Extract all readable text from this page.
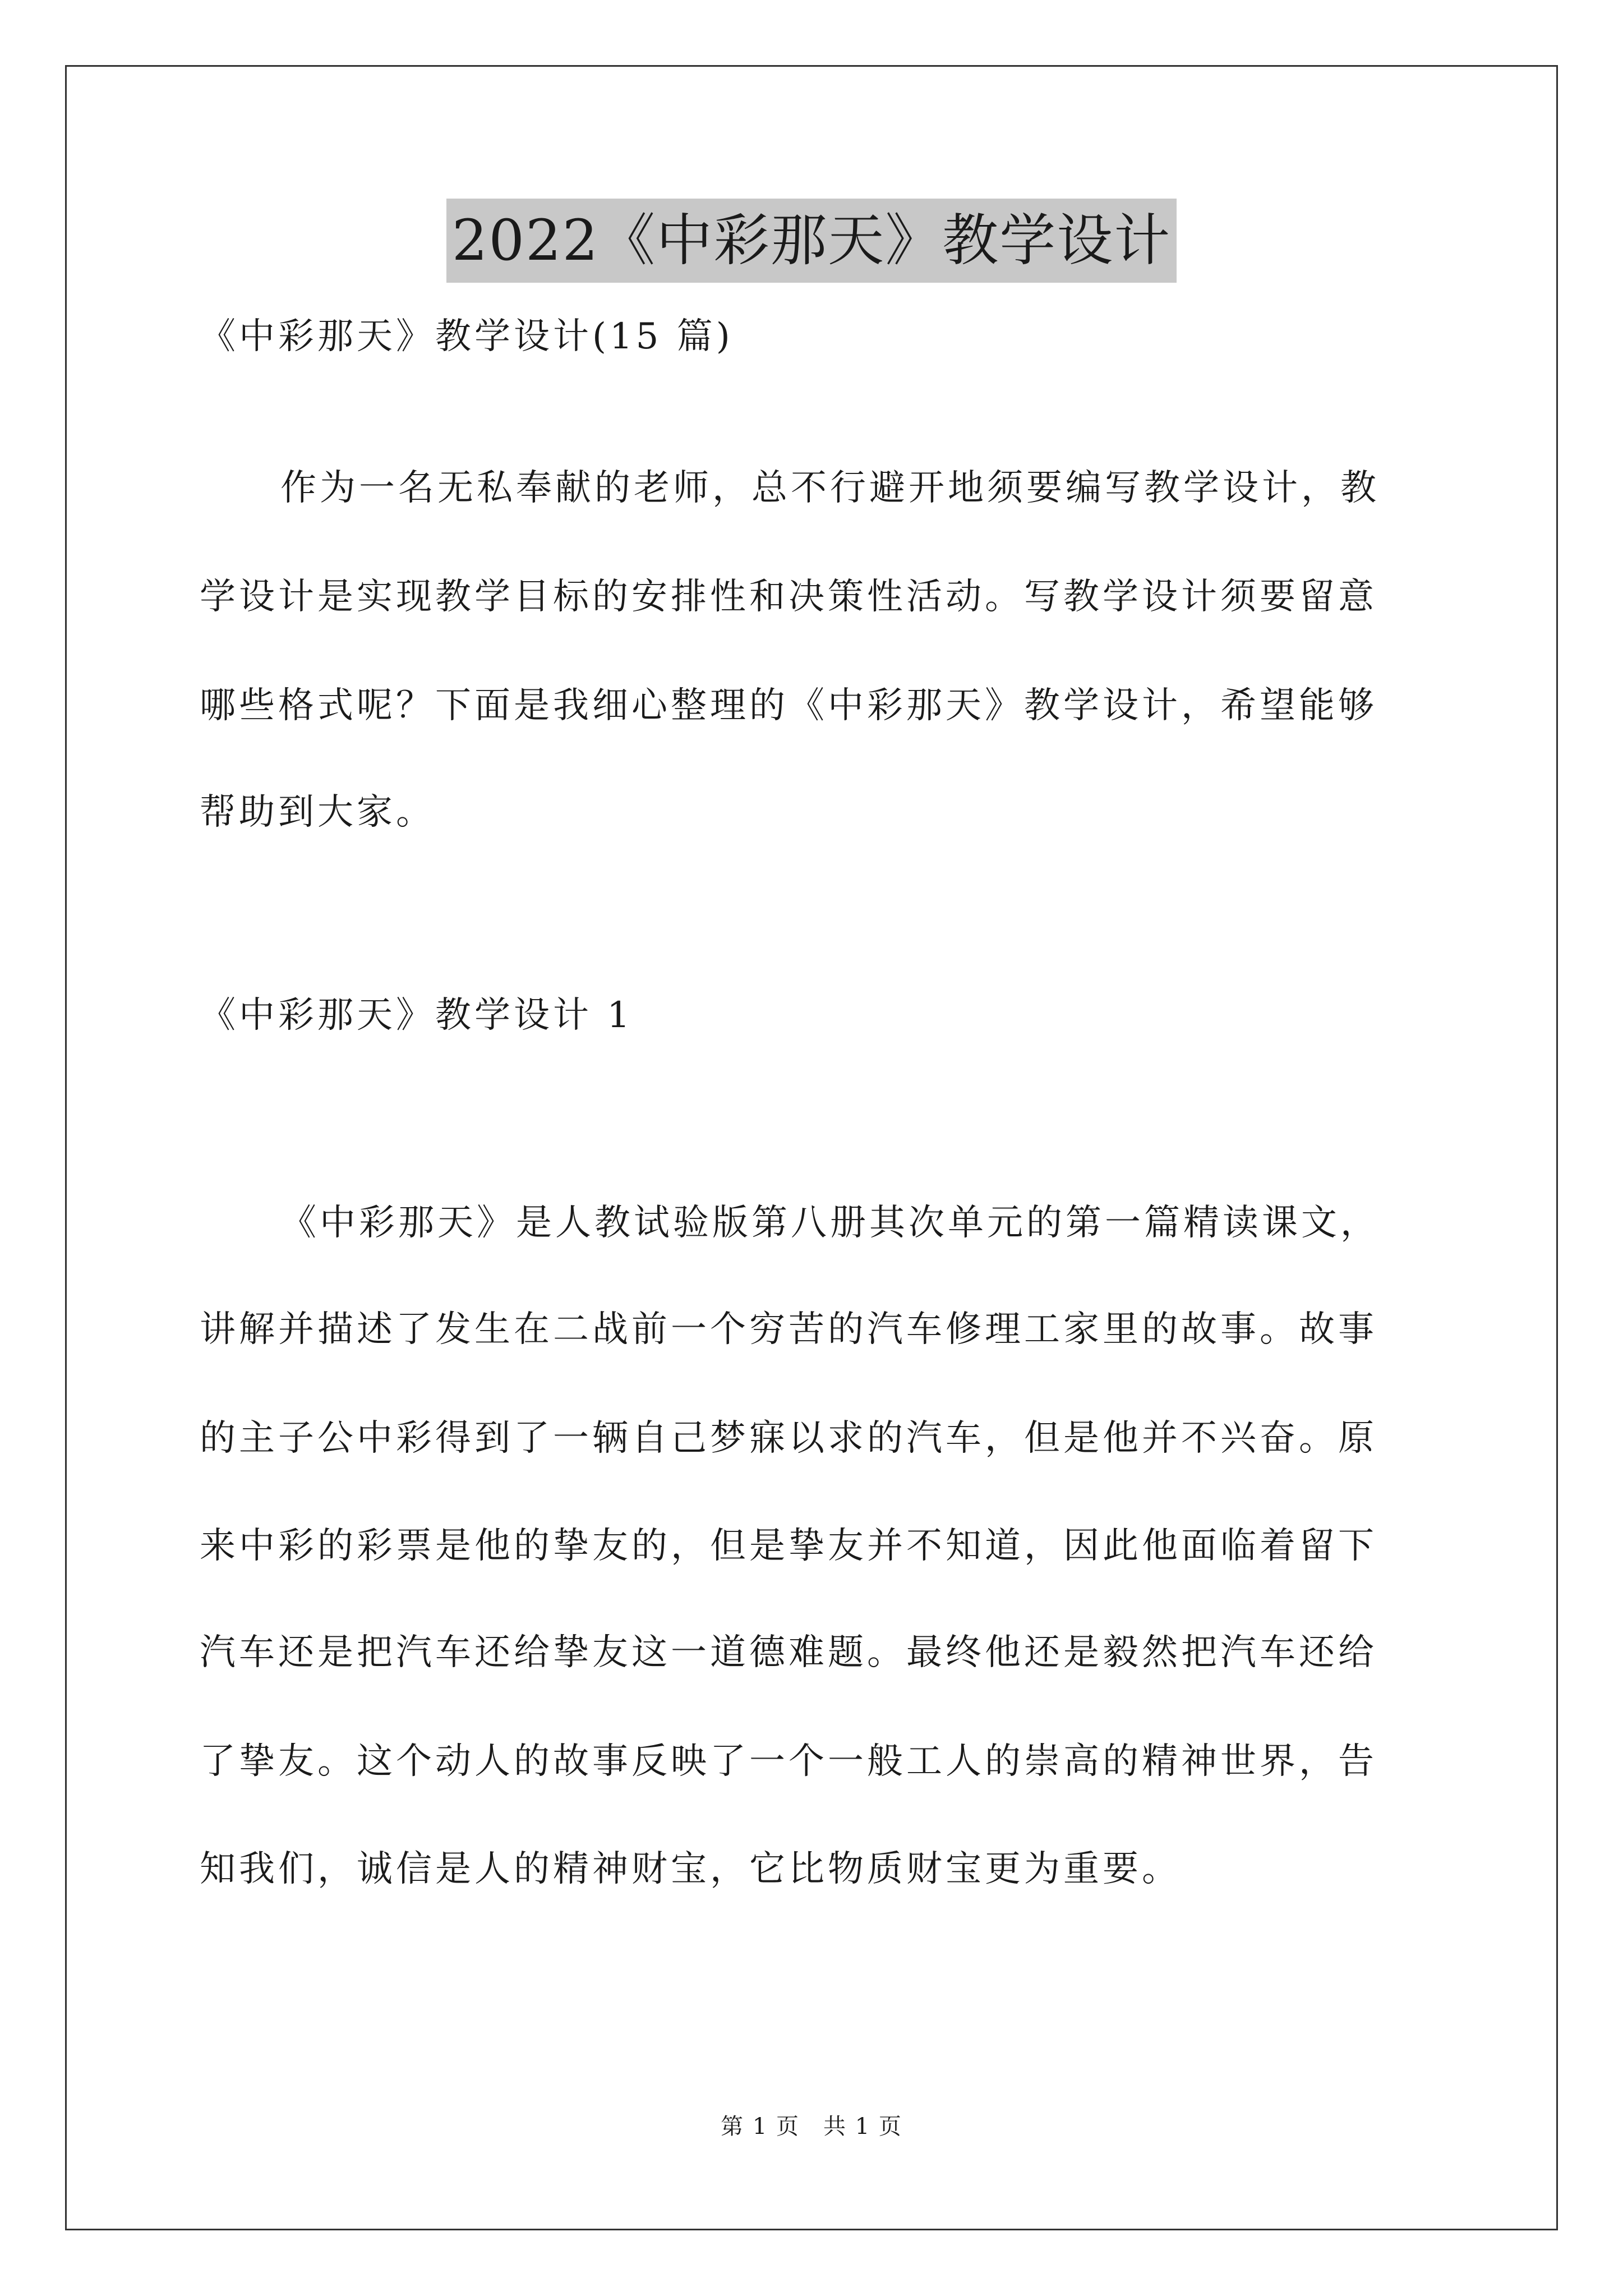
2022《中彩那天》教学设计
《中彩那天》教学设计(15 篇)
作为一名无私奉献的老师，总不行避开地须要编写教学设计，教
学设计是实现教学目标的安排性和决策性活动。写教学设计须要留意
哪些格式呢？下面是我细心整理的《中彩那天》教学设计，希望能够
帮助到大家。
《中彩那天》教学设计 1
《中彩那天》是人教试验版第八册其次单元的第一篇精读课文，
讲解并描述了发生在二战前一个穷苦的汽车修理工家里的故事。故事
的主子公中彩得到了一辆自己梦寐以求的汽车，但是他并不兴奋。原
来中彩的彩票是他的挚友的，但是挚友并不知道，因此他面临着留下
汽车还是把汽车还给挚友这一道德难题。最终他还是毅然把汽车还给
了挚友。这个动人的故事反映了一个一般工人的崇高的精神世界，告
知我们，诚信是人的精神财宝，它比物质财宝更为重要。
第 1 页　共 1 页
